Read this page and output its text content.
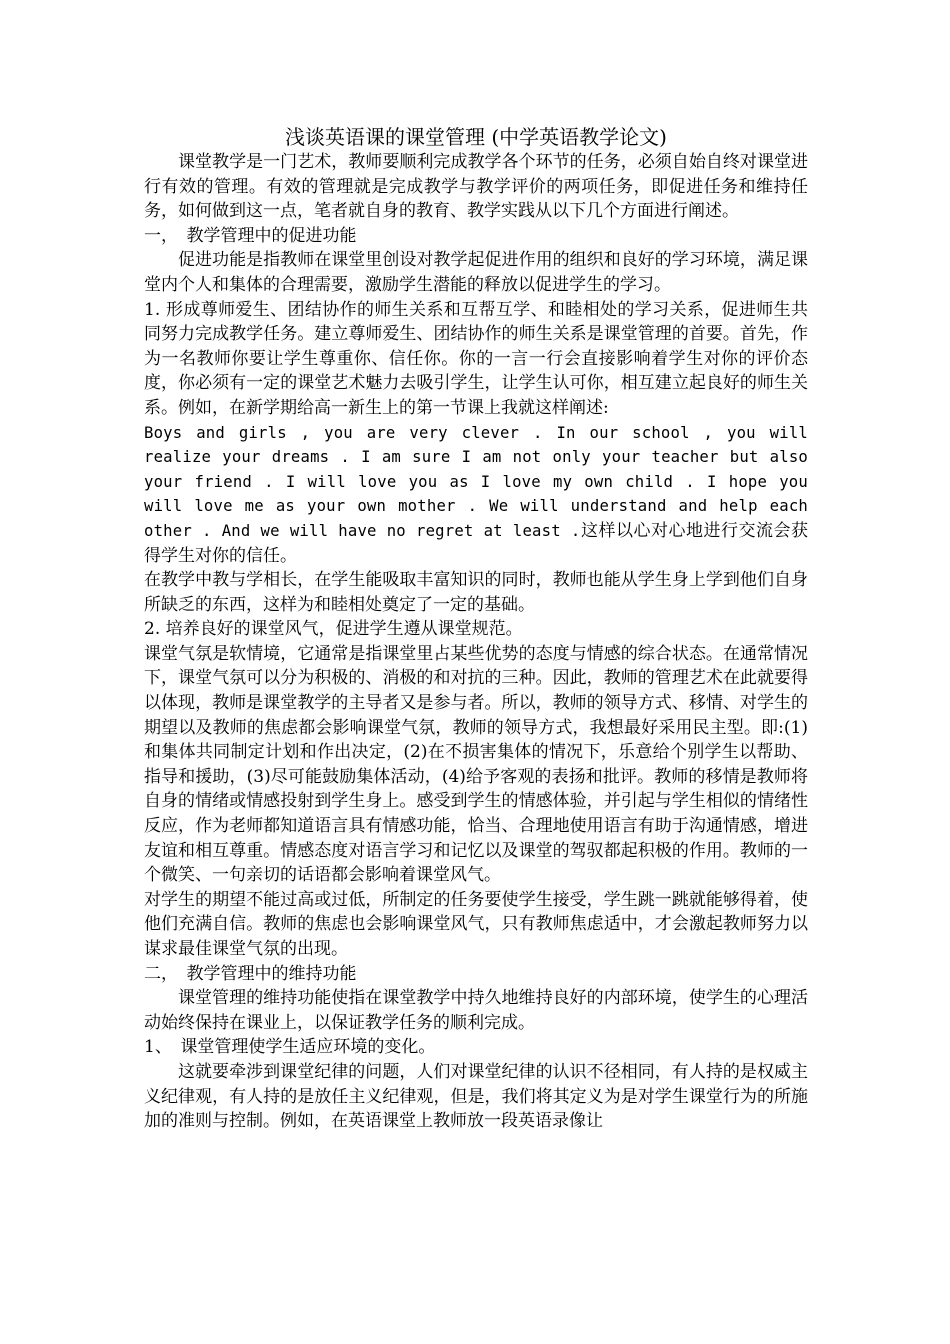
浅谈英语课的课堂管理 (中学英语教学论文)

课堂教学是一门艺术，教师要顺利完成教学各个环节的任务，必须自始自终对课堂进行有效的管理。有效的管理就是完成教学与教学评价的两项任务，即促进任务和维持任务，如何做到这一点，笔者就自身的教育、教学实践从以下几个方面进行阐述。

一，　教学管理中的促进功能

促进功能是指教师在课堂里创设对教学起促进作用的组织和良好的学习环境，满足课堂内个人和集体的合理需要，激励学生潜能的释放以促进学生的学习。

1. 形成尊师爱生、团结协作的师生关系和互帮互学、和睦相处的学习关系，促进师生共同努力完成教学任务。建立尊师爱生、团结协作的师生关系是课堂管理的首要。首先，作为一名教师你要让学生尊重你、信任你。你的一言一行会直接影响着学生对你的评价态度，你必须有一定的课堂艺术魅力去吸引学生，让学生认可你，相互建立起良好的师生关系。例如，在新学期给高一新生上的第一节课上我就这样阐述:

Boys and girls , you are very clever . In our school , you will realize your dreams . I am sure I am not only your teacher but also your friend . I will love you as I love my own child . I hope you will love me as your own mother . We will understand and help each other . And we will have no regret at least .这样以心对心地进行交流会获得学生对你的信任。

在教学中教与学相长，在学生能吸取丰富知识的同时，教师也能从学生身上学到他们自身所缺乏的东西，这样为和睦相处奠定了一定的基础。

2. 培养良好的课堂风气，促进学生遵从课堂规范。

课堂气氛是软情境，它通常是指课堂里占某些优势的态度与情感的综合状态。在通常情况下，课堂气氛可以分为积极的、消极的和对抗的三种。因此，教师的管理艺术在此就要得以体现，教师是课堂教学的主导者又是参与者。所以，教师的领导方式、移情、对学生的期望以及教师的焦虑都会影响课堂气氛，教师的领导方式，我想最好采用民主型。即:(1)和集体共同制定计划和作出决定，(2)在不损害集体的情况下，乐意给个别学生以帮助、指导和援助，(3)尽可能鼓励集体活动，(4)给予客观的表扬和批评。教师的移情是教师将自身的情绪或情感投射到学生身上。感受到学生的情感体验，并引起与学生相似的情绪性反应，作为老师都知道语言具有情感功能，恰当、合理地使用语言有助于沟通情感，增进友谊和相互尊重。情感态度对语言学习和记忆以及课堂的驾驭都起积极的作用。教师的一个微笑、一句亲切的话语都会影响着课堂风气。

对学生的期望不能过高或过低，所制定的任务要使学生接受，学生跳一跳就能够得着，使他们充满自信。教师的焦虑也会影响课堂风气，只有教师焦虑适中，才会激起教师努力以谋求最佳课堂气氛的出现。

二，　教学管理中的维持功能

课堂管理的维持功能使指在课堂教学中持久地维持良好的内部环境，使学生的心理活动始终保持在课业上，以保证教学任务的顺利完成。

1、　课堂管理使学生适应环境的变化。

这就要牵涉到课堂纪律的问题，人们对课堂纪律的认识不径相同，有人持的是权威主义纪律观，有人持的是放任主义纪律观，但是，我们将其定义为是对学生课堂行为的所施加的准则与控制。例如，在英语课堂上教师放一段英语录像让
